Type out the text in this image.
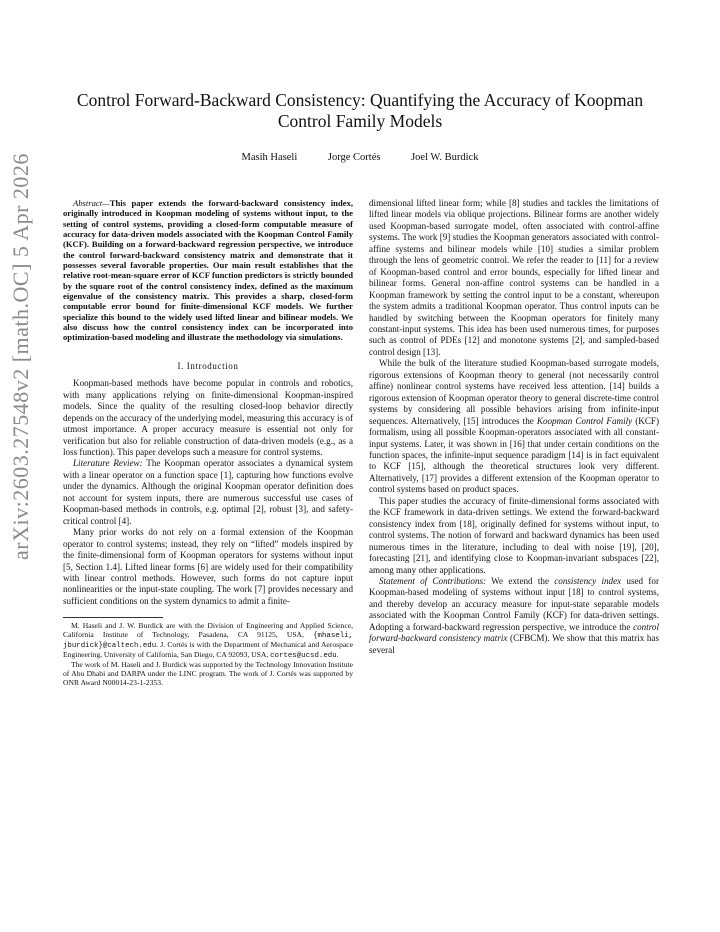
arXiv:2603.27548v2 [math.OC] 5 Apr 2026
Control Forward-Backward Consistency: Quantifying the Accuracy of Koopman Control Family Models
Masih Haseli	Jorge Cortés	Joel W. Burdick

Abstract—This paper extends the forward-backward consistency index, originally introduced in Koopman modeling of systems without input, to the setting of control systems, providing a closed-form computable measure of accuracy for data-driven models associated with the Koopman Control Family (KCF). Building on a forward-backward regression perspective, we introduce the control forward-backward consistency matrix and demonstrate that it possesses several favorable properties. Our main result establishes that the relative root-mean-square error of KCF function predictors is strictly bounded by the square root of the control consistency index, defined as the maximum eigenvalue of the consistency matrix. This provides a sharp, closed-form computable error bound for finite-dimensional KCF models. We further specialize this bound to the widely used lifted linear and bilinear models. We also discuss how the control consistency index can be incorporated into optimization-based modeling and illustrate the methodology via simulations.

I. Introduction

Koopman-based methods have become popular in controls and robotics, with many applications relying on finite-dimensional Koopman-inspired models. Since the quality of the resulting closed-loop behavior directly depends on the accuracy of the underlying model, measuring this accuracy is of utmost importance. A proper accuracy measure is essential not only for verification but also for reliable construction of data-driven models (e.g., as a loss function). This paper develops such a measure for control systems.

Literature Review: The Koopman operator associates a dynamical system with a linear operator on a function space [1], capturing how functions evolve under the dynamics. Although the original Koopman operator definition does not account for system inputs, there are numerous successful use cases of Koopman-based methods in controls, e.g. optimal [2], robust [3], and safety-critical control [4].

Many prior works do not rely on a formal extension of the Koopman operator to control systems; instead, they rely on “lifted” models inspired by the finite-dimensional form of Koopman operators for systems without input [5, Section 1.4]. Lifted linear forms [6] are widely used for their compatibility with linear control methods. However, such forms do not capture input nonlinearities or the input-state coupling. The work [7] provides necessary and sufficient conditions on the system dynamics to admit a finite-

M. Haseli and J. W. Burdick are with the Division of Engineering and Applied Science, California Institute of Technology, Pasadena, CA 91125, USA, {mhaseli, jburdick}@caltech.edu. J. Cortés is with the Department of Mechanical and Aerospace Engineering, University of California, San Diego, CA 92093, USA, cortes@ucsd.edu.

The work of M. Haseli and J. Burdick was supported by the Technology Innovation Institute of Abu Dhabi and DARPA under the LINC program. The work of J. Cortés was supported by ONR Award N00014-23-1-2353.

dimensional lifted linear form; while [8] studies and tackles the limitations of lifted linear models via oblique projections. Bilinear forms are another widely used Koopman-based surrogate model, often associated with control-affine systems. The work [9] studies the Koopman generators associated with control-affine systems and bilinear models while [10] studies a similar problem through the lens of geometric control. We refer the reader to [11] for a review of Koopman-based control and error bounds, especially for lifted linear and bilinear forms. General non-affine control systems can be handled in a Koopman framework by setting the control input to be a constant, whereupon the system admits a traditional Koopman operator. Thus control inputs can be handled by switching between the Koopman operators for finitely many constant-input systems. This idea has been used numerous times, for purposes such as control of PDEs [12] and monotone systems [2], and sampled-based control design [13].

While the bulk of the literature studied Koopman-based surrogate models, rigorous extensions of Koopman theory to general (not necessarily control affine) nonlinear control systems have received less attention. [14] builds a rigorous extension of Koopman operator theory to general discrete-time control systems by considering all possible behaviors arising from infinite-input sequences. Alternatively, [15] introduces the Koopman Control Family (KCF) formalism, using all possible Koopman-operators associated with all constant-input systems. Later, it was shown in [16] that under certain conditions on the function spaces, the infinite-input sequence paradigm [14] is in fact equivalent to KCF [15], although the theoretical structures look very different. Alternatively, [17] provides a different extension of the Koopman operator to control systems based on product spaces.

This paper studies the accuracy of finite-dimensional forms associated with the KCF framework in data-driven settings. We extend the forward-backward consistency index from [18], originally defined for systems without input, to control systems. The notion of forward and backward dynamics has been used numerous times in the literature, including to deal with noise [19], [20], forecasting [21], and identifying close to Koopman-invariant subspaces [22], among many other applications.

Statement of Contributions: We extend the consistency index used for Koopman-based modeling of systems without input [18] to control systems, and thereby develop an accuracy measure for input-state separable models associated with the Koopman Control Family (KCF) for data-driven settings. Adopting a forward-backward regression perspective, we introduce the control forward-backward consistency matrix (CFBCM). We show that this matrix has several
